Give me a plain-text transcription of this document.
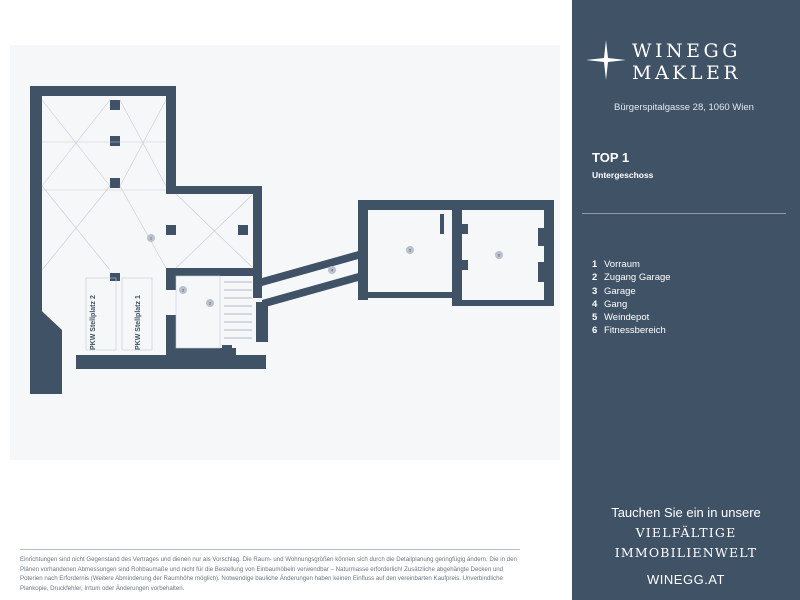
1
2
3
4
5
6
PKW Stellplatz 2	PKW Stellplatz 1
Einrichtungen sind nicht Gegenstand des Vertrages und dienen nur als Vorschlag. Die Raum- und Wohnungsgrößen können sich durch die Detailplanung geringfügig ändern. Die in den Plänen vorhandenen Abmessungen sind Rohbaumaße und nicht für die Bestellung von Einbaumöbeln verwendbar – Naturmasse erforderlich! Zusätzliche abgehängte Decken und Poterien nach Erfordernis (Weitere Abminderung der Raumhöhe möglich). Notwendige bauliche Änderungen haben keinen Einfluss auf den vereinbarten Kaufpreis. Unverbindliche Plankopie, Druckfehler, Irrtum oder Änderungen vorbehalten.
WINEGG
MAKLER
Bürgerspitalgasse 28, 1060 Wien
TOP 1
Untergeschoss
1 Vorraum
2 Zugang Garage
3 Garage
4 Gang
5 Weindepot
6 Fitnessbereich
Tauchen Sie ein in unsere
VIELFÄLTIGE
IMMOBILIENWELT
WINEGG.AT
